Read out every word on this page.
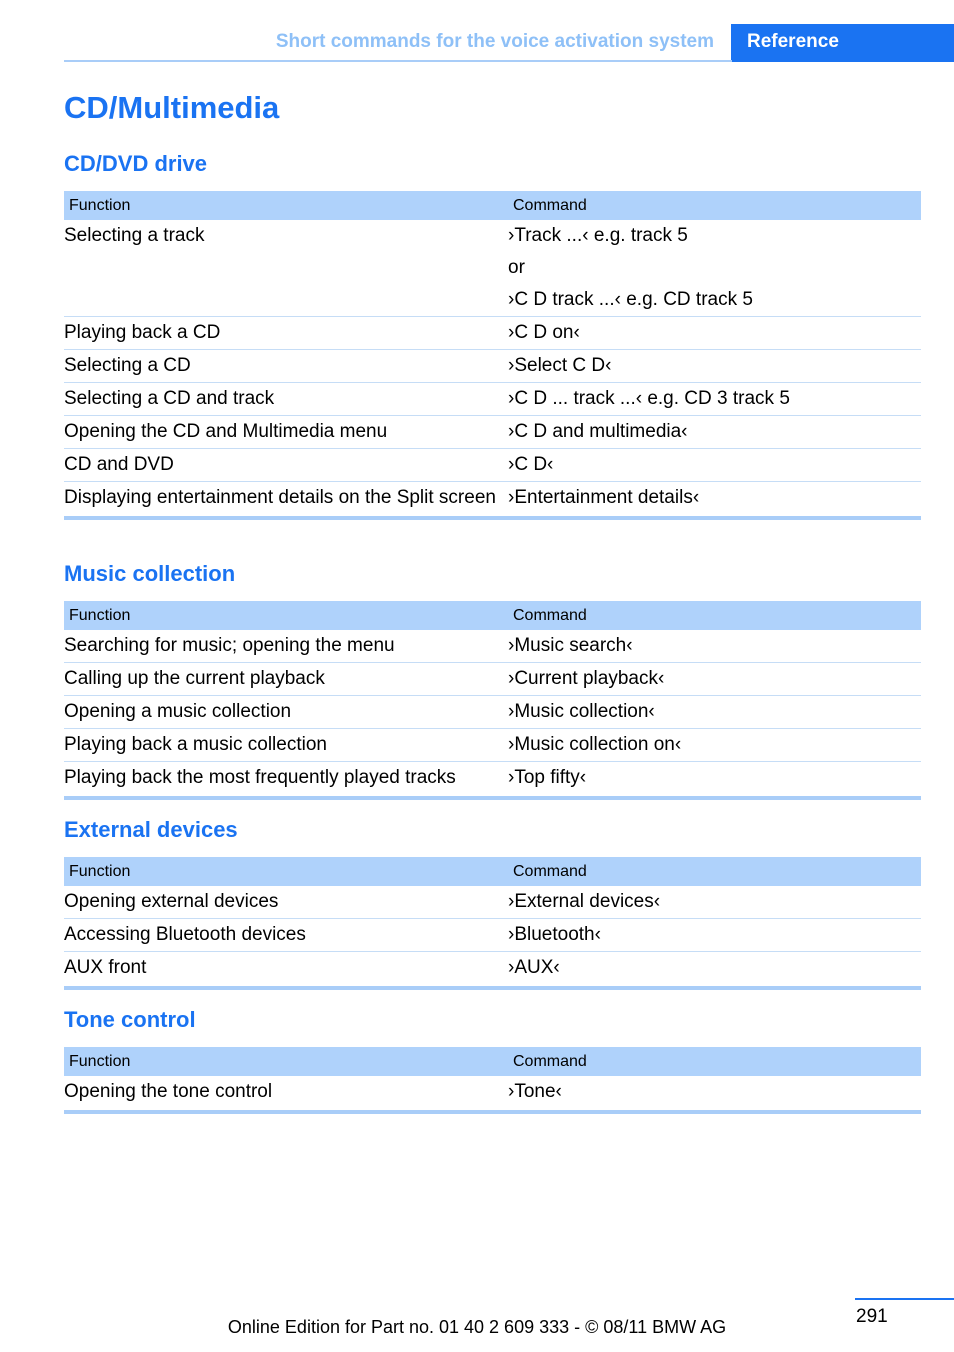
Short commands for the voice activation system	Reference
CD/Multimedia
CD/DVD drive
Function	Command
Selecting a track	›Track ...‹ e.g. track 5
or
›C D track ...‹ e.g. CD track 5

Playing back a CD	›C D on‹

Selecting a CD	›Select C D‹

Selecting a CD and track	›C D ... track ...‹ e.g. CD 3 track 5

Opening the CD and Multimedia menu	›C D and multimedia‹

CD and DVD	›C D‹

Displaying entertainment details on the Split screen	›Entertainment details‹
Music collection
Function	Command
Searching for music; opening the menu	›Music search‹

Calling up the current playback	›Current playback‹

Opening a music collection	›Music collection‹

Playing back a music collection	›Music collection on‹

Playing back the most frequently played tracks	›Top fifty‹
External devices
Function	Command
Opening external devices	›External devices‹

Accessing Bluetooth devices	›Bluetooth‹

AUX front	›AUX‹
Tone control
Function	Command
Opening the tone control	›Tone‹
291
Online Edition for Part no. 01 40 2 609 333 - © 08/11 BMW AG
